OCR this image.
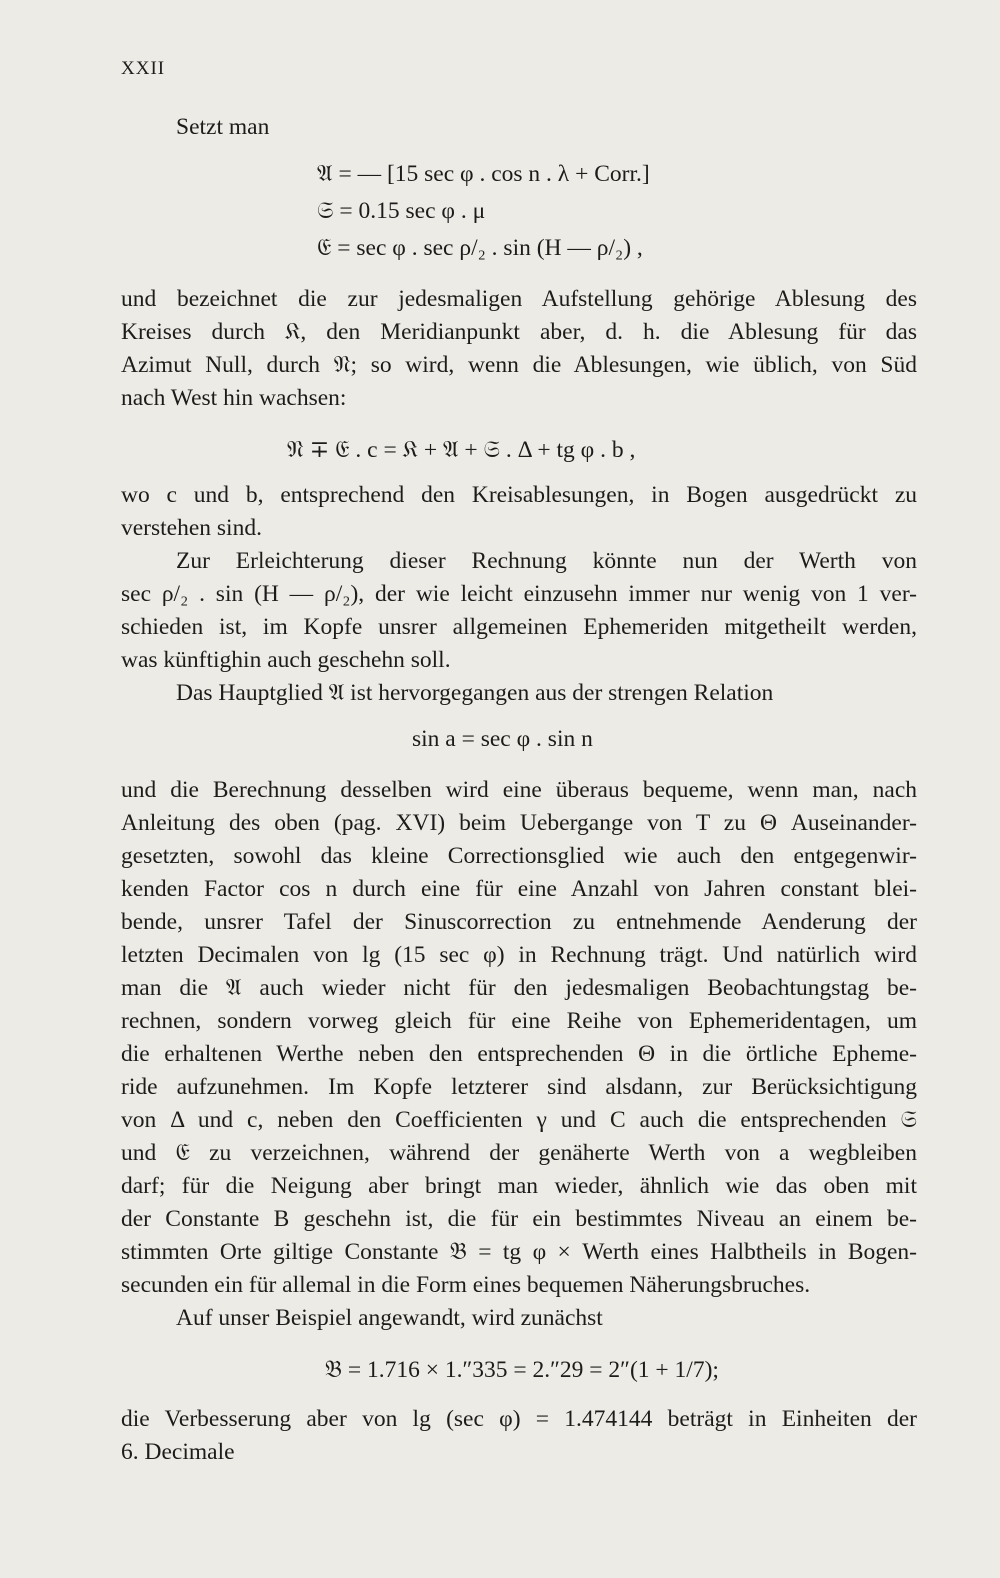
XXII
Setzt man
𝔄 = — [15 sec φ . cos n . λ + Corr.]
𝔖 = 0.15 sec φ . μ
𝔈 = sec φ . sec ρ/₂ . sin (H — ρ/₂) ,
und bezeichnet die zur jedesmaligen Aufstellung gehörige Ablesung des
Kreises durch 𝔎, den Meridianpunkt aber, d. h. die Ablesung für das
Azimut Null, durch 𝔑; so wird, wenn die Ablesungen, wie üblich, von Süd
nach West hin wachsen:
𝔑 ∓ 𝔈 . c = 𝔎 + 𝔄 + 𝔖 . Δ + tg φ . b ,
wo c und b, entsprechend den Kreisablesungen, in Bogen ausgedrückt zu
verstehen sind.
Zur Erleichterung dieser Rechnung könnte nun der Werth von
sec ρ/₂ . sin (H — ρ/₂), der wie leicht einzusehn immer nur wenig von 1 ver-
schieden ist, im Kopfe unsrer allgemeinen Ephemeriden mitgetheilt werden,
was künftighin auch geschehn soll.
Das Hauptglied 𝔄 ist hervorgegangen aus der strengen Relation
sin a = sec φ . sin n
und die Berechnung desselben wird eine überaus bequeme, wenn man, nach
Anleitung des oben (pag. XVI) beim Uebergange von T zu Θ Auseinander-
gesetzten, sowohl das kleine Correctionsglied wie auch den entgegenwir-
kenden Factor cos n durch eine für eine Anzahl von Jahren constant blei-
bende, unsrer Tafel der Sinuscorrection zu entnehmende Aenderung der
letzten Decimalen von lg (15 sec φ) in Rechnung trägt. Und natürlich wird
man die 𝔄 auch wieder nicht für den jedesmaligen Beobachtungstag be-
rechnen, sondern vorweg gleich für eine Reihe von Ephemeridentagen, um
die erhaltenen Werthe neben den entsprechenden Θ in die örtliche Epheme-
ride aufzunehmen. Im Kopfe letzterer sind alsdann, zur Berücksichtigung
von Δ und c, neben den Coefficienten γ und C auch die entsprechenden 𝔖
und 𝔈 zu verzeichnen, während der genäherte Werth von a wegbleiben
darf; für die Neigung aber bringt man wieder, ähnlich wie das oben mit
der Constante B geschehn ist, die für ein bestimmtes Niveau an einem be-
stimmten Orte giltige Constante 𝔅 = tg φ × Werth eines Halbtheils in Bogen-
secunden ein für allemal in die Form eines bequemen Näherungsbruches.
Auf unser Beispiel angewandt, wird zunächst
𝔅 = 1.716 × 1.″335 = 2.″29 = 2″(1 + 1/7);
die Verbesserung aber von lg (sec φ) = 1.474144 beträgt in Einheiten der
6. Decimale
